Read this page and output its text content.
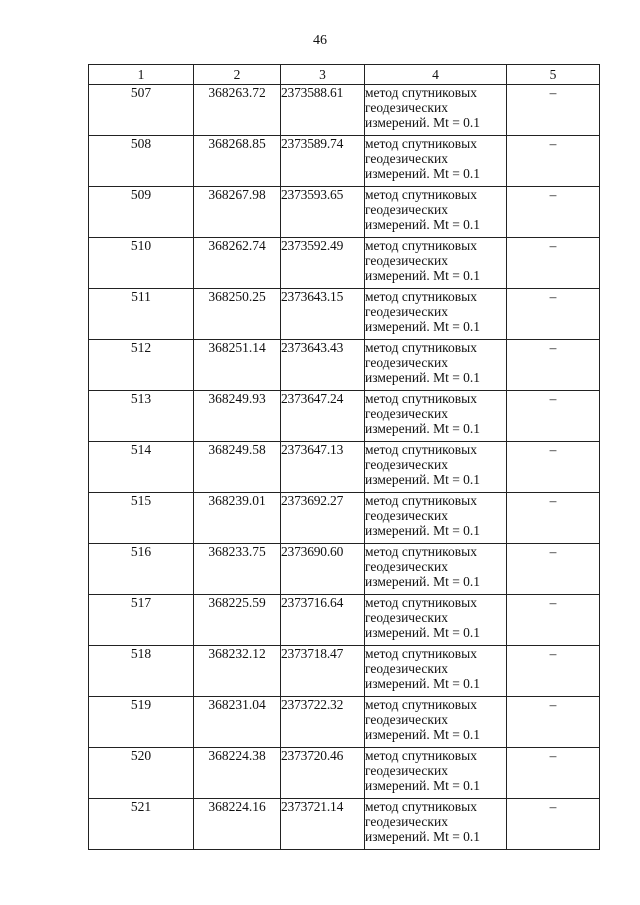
46
1	2	3	4	5
507	368263.72	2373588.61	метод спутниковых геодезических измерений. Mt = 0.1	–
508	368268.85	2373589.74	метод спутниковых геодезических измерений. Mt = 0.1	–
509	368267.98	2373593.65	метод спутниковых геодезических измерений. Mt = 0.1	–
510	368262.74	2373592.49	метод спутниковых геодезических измерений. Mt = 0.1	–
511	368250.25	2373643.15	метод спутниковых геодезических измерений. Mt = 0.1	–
512	368251.14	2373643.43	метод спутниковых геодезических измерений. Mt = 0.1	–
513	368249.93	2373647.24	метод спутниковых геодезических измерений. Mt = 0.1	–
514	368249.58	2373647.13	метод спутниковых геодезических измерений. Mt = 0.1	–
515	368239.01	2373692.27	метод спутниковых геодезических измерений. Mt = 0.1	–
516	368233.75	2373690.60	метод спутниковых геодезических измерений. Mt = 0.1	–
517	368225.59	2373716.64	метод спутниковых геодезических измерений. Mt = 0.1	–
518	368232.12	2373718.47	метод спутниковых геодезических измерений. Mt = 0.1	–
519	368231.04	2373722.32	метод спутниковых геодезических измерений. Mt = 0.1	–
520	368224.38	2373720.46	метод спутниковых геодезических измерений. Mt = 0.1	–
521	368224.16	2373721.14	метод спутниковых геодезических измерений. Mt = 0.1	–
